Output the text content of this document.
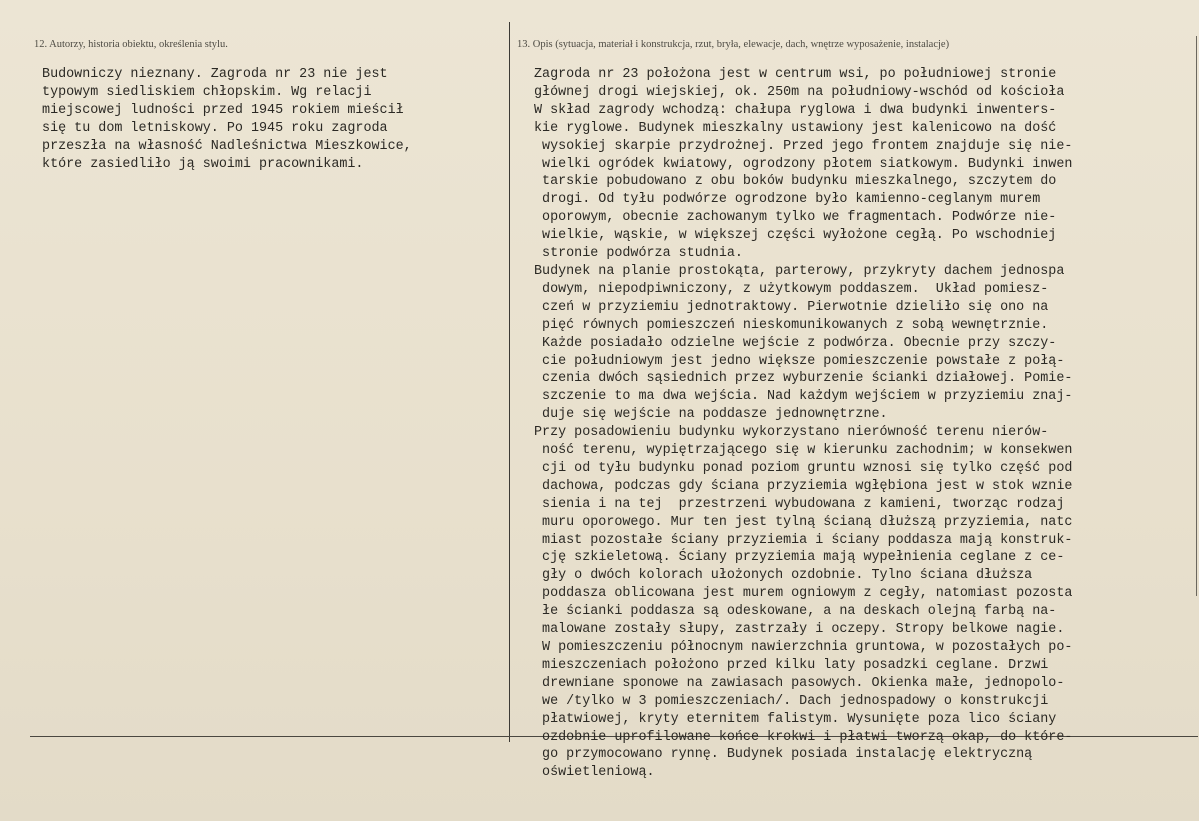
12. Autorzy, historia obiektu, określenia stylu.	13. Opis (sytuacja, materiał i konstrukcja, rzut, bryła, elewacje, dach, wnętrze wyposażenie, instalacje)
Budowniczy nieznany. Zagroda nr 23 nie jest
typowym siedliskiem chłopskim. Wg relacji
miejscowej ludności przed 1945 rokiem mieścił
się tu dom letniskowy. Po 1945 roku zagroda
przeszła na własność Nadleśnictwa Mieszkowice,
które zasiedliło ją swoimi pracownikami.
Zagroda nr 23 położona jest w centrum wsi, po południowej stronie
głównej drogi wiejskiej, ok. 250m na południowy-wschód od kościoła
W skład zagrody wchodzą: chałupa ryglowa i dwa budynki inwenters-
kie ryglowe. Budynek mieszkalny ustawiony jest kalenicowo na dość
wysokiej skarpie przydrożnej. Przed jego frontem znajduje się nie-
wielki ogródek kwiatowy, ogrodzony płotem siatkowym. Budynki inwen
tarskie pobudowano z obu boków budynku mieszkalnego, szczytem do
drogi. Od tyłu podwórze ogrodzone było kamienno-ceglanym murem
oporowym, obecnie zachowanym tylko we fragmentach. Podwórze nie-
wielkie, wąskie, w większej części wyłożone cegłą. Po wschodniej
stronie podwórza studnia.
Budynek na planie prostokąta, parterowy, przykryty dachem jednospa
dowym, niepodpiwniczony, z użytkowym poddaszem.  Układ pomiesz-
czeń w przyziemiu jednotraktowy. Pierwotnie dzieliło się ono na
pięć równych pomieszczeń nieskomunikowanych z sobą wewnętrznie.
Każde posiadało odzielne wejście z podwórza. Obecnie przy szczy-
cie południowym jest jedno większe pomieszczenie powstałe z połą-
czenia dwóch sąsiednich przez wyburzenie ścianki działowej. Pomie-
szczenie to ma dwa wejścia. Nad każdym wejściem w przyziemiu znaj-
duje się wejście na poddasze jednownętrzne.
Przy posadowieniu budynku wykorzystano nierówność terenu nierów-
ność terenu, wypiętrzającego się w kierunku zachodnim; w konsekwen
cji od tyłu budynku ponad poziom gruntu wznosi się tylko część pod
dachowa, podczas gdy ściana przyziemia wgłębiona jest w stok wznie
sienia i na tej  przestrzeni wybudowana z kamieni, tworząc rodzaj
muru oporowego. Mur ten jest tylną ścianą dłuższą przyziemia, natc
miast pozostałe ściany przyziemia i ściany poddasza mają konstruk-
cję szkieletową. Ściany przyziemia mają wypełnienia ceglane z ce-
gły o dwóch kolorach ułożonych ozdobnie. Tylno ściana dłuższa
poddasza oblicowana jest murem ogniowym z cegły, natomiast pozosta
łe ścianki poddasza są odeskowane, a na deskach olejną farbą na-
malowane zostały słupy, zastrzały i oczepy. Stropy belkowe nagie.
W pomieszczeniu północnym nawierzchnia gruntowa, w pozostałych po-
mieszczeniach położono przed kilku laty posadzki ceglane. Drzwi
drewniane sponowe na zawiasach pasowych. Okienka małe, jednopolo-
we /tylko w 3 pomieszczeniach/. Dach jednospadowy o konstrukcji
płatwiowej, kryty eternitem falistym. Wysunięte poza lico ściany
ozdobnie uprofilowane końce krokwi i płatwi tworzą okap, do które-
go przymocowano rynnę. Budynek posiada instalację elektryczną
oświetleniową.
